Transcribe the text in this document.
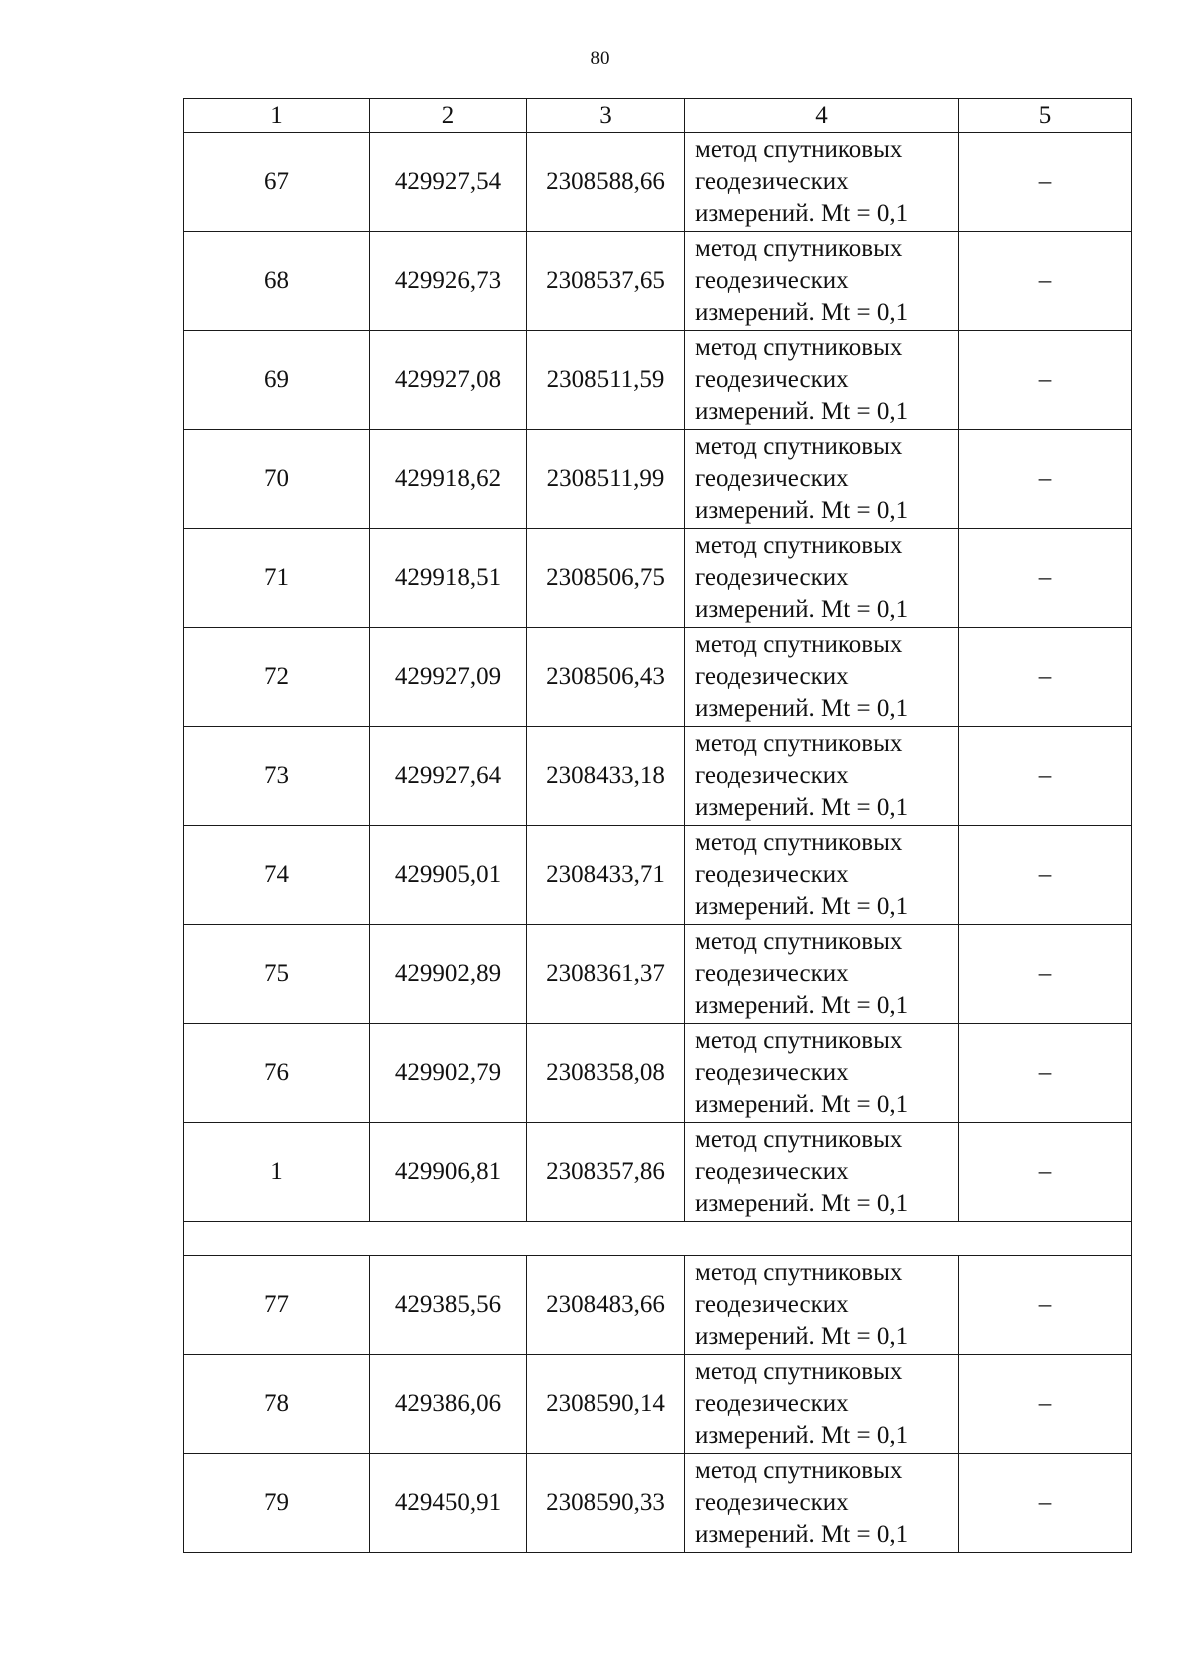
80
1	2	3	4	5
67	429927,54	2308588,66	метод спутниковых
геодезических
измерений. Mt = 0,1	–
68	429926,73	2308537,65	метод спутниковых
геодезических
измерений. Mt = 0,1	–
69	429927,08	2308511,59	метод спутниковых
геодезических
измерений. Mt = 0,1	–
70	429918,62	2308511,99	метод спутниковых
геодезических
измерений. Mt = 0,1	–
71	429918,51	2308506,75	метод спутниковых
геодезических
измерений. Mt = 0,1	–
72	429927,09	2308506,43	метод спутниковых
геодезических
измерений. Mt = 0,1	–
73	429927,64	2308433,18	метод спутниковых
геодезических
измерений. Mt = 0,1	–
74	429905,01	2308433,71	метод спутниковых
геодезических
измерений. Mt = 0,1	–
75	429902,89	2308361,37	метод спутниковых
геодезических
измерений. Mt = 0,1	–
76	429902,79	2308358,08	метод спутниковых
геодезических
измерений. Mt = 0,1	–
1	429906,81	2308357,86	метод спутниковых
геодезических
измерений. Mt = 0,1	–

77	429385,56	2308483,66	метод спутниковых
геодезических
измерений. Mt = 0,1	–
78	429386,06	2308590,14	метод спутниковых
геодезических
измерений. Mt = 0,1	–
79	429450,91	2308590,33	метод спутниковых
геодезических
измерений. Mt = 0,1	–
